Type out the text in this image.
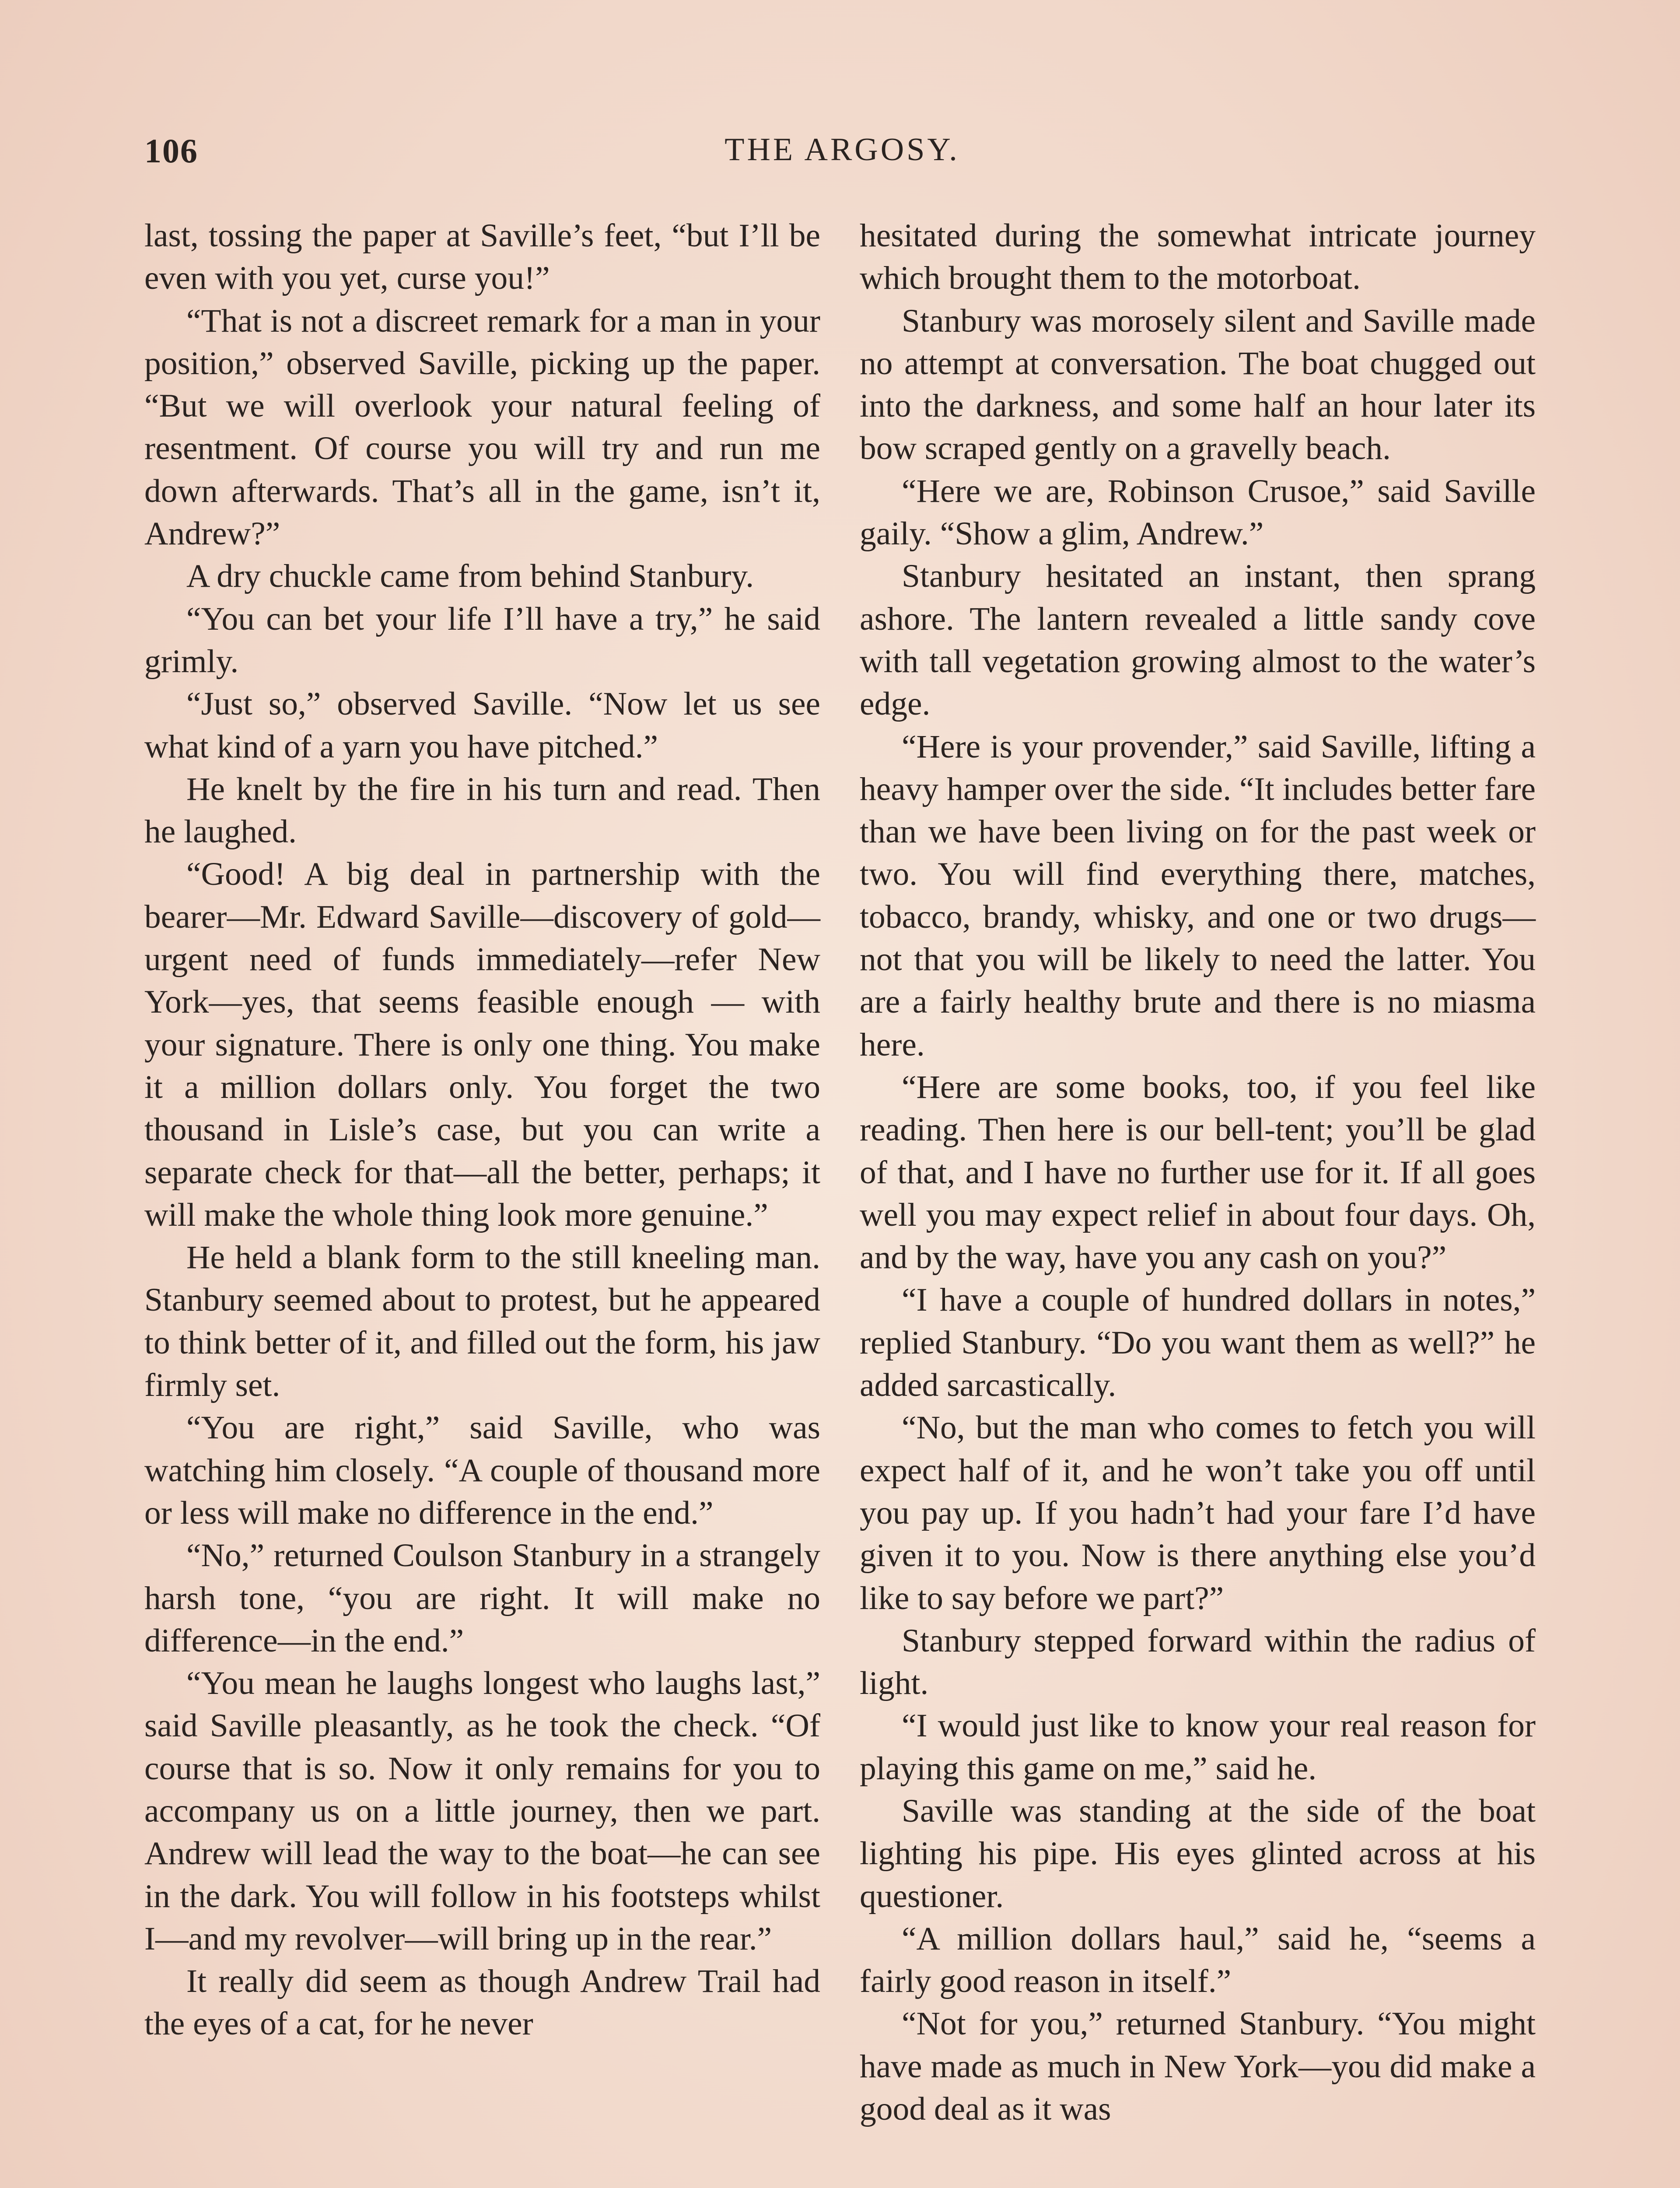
106	THE ARGOSY.

last, tossing the paper at Saville’s feet, “but I’ll be even with you yet, curse you!”

“That is not a discreet remark for a man in your position,” observed Saville, picking up the paper. “But we will overlook your natural feeling of resentment. Of course you will try and run me down afterwards. That’s all in the game, isn’t it, Andrew?”

A dry chuckle came from behind Stanbury.

“You can bet your life I’ll have a try,” he said grimly.

“Just so,” observed Saville. “Now let us see what kind of a yarn you have pitched.”

He knelt by the fire in his turn and read. Then he laughed.

“Good! A big deal in partnership with the bearer—Mr. Edward Saville—discovery of gold—urgent need of funds immediately—refer New York—yes, that seems feasible enough — with your signature. There is only one thing. You make it a million dollars only. You forget the two thousand in Lisle’s case, but you can write a separate check for that—all the better, perhaps; it will make the whole thing look more genuine.”

He held a blank form to the still kneeling man. Stanbury seemed about to protest, but he appeared to think better of it, and filled out the form, his jaw firmly set.

“You are right,” said Saville, who was watching him closely. “A couple of thousand more or less will make no difference in the end.”

“No,” returned Coulson Stanbury in a strangely harsh tone, “you are right. It will make no difference—in the end.”

“You mean he laughs longest who laughs last,” said Saville pleasantly, as he took the check. “Of course that is so. Now it only remains for you to accompany us on a little journey, then we part. Andrew will lead the way to the boat—he can see in the dark. You will follow in his footsteps whilst I—and my revolver—will bring up in the rear.”

It really did seem as though Andrew Trail had the eyes of a cat, for he never

hesitated during the somewhat intricate journey which brought them to the motorboat.

Stanbury was morosely silent and Saville made no attempt at conversation. The boat chugged out into the darkness, and some half an hour later its bow scraped gently on a gravelly beach.

“Here we are, Robinson Crusoe,” said Saville gaily. “Show a glim, Andrew.”

Stanbury hesitated an instant, then sprang ashore. The lantern revealed a little sandy cove with tall vegetation growing almost to the water’s edge.

“Here is your provender,” said Saville, lifting a heavy hamper over the side. “It includes better fare than we have been living on for the past week or two. You will find everything there, matches, tobacco, brandy, whisky, and one or two drugs—not that you will be likely to need the latter. You are a fairly healthy brute and there is no miasma here.

“Here are some books, too, if you feel like reading. Then here is our bell-tent; you’ll be glad of that, and I have no further use for it. If all goes well you may expect relief in about four days. Oh, and by the way, have you any cash on you?”

“I have a couple of hundred dollars in notes,” replied Stanbury. “Do you want them as well?” he added sarcastically.

“No, but the man who comes to fetch you will expect half of it, and he won’t take you off until you pay up. If you hadn’t had your fare I’d have given it to you. Now is there anything else you’d like to say before we part?”

Stanbury stepped forward within the radius of light.

“I would just like to know your real reason for playing this game on me,” said he.

Saville was standing at the side of the boat lighting his pipe. His eyes glinted across at his questioner.

“A million dollars haul,” said he, “seems a fairly good reason in itself.”

“Not for you,” returned Stanbury. “You might have made as much in New York—you did make a good deal as it was
